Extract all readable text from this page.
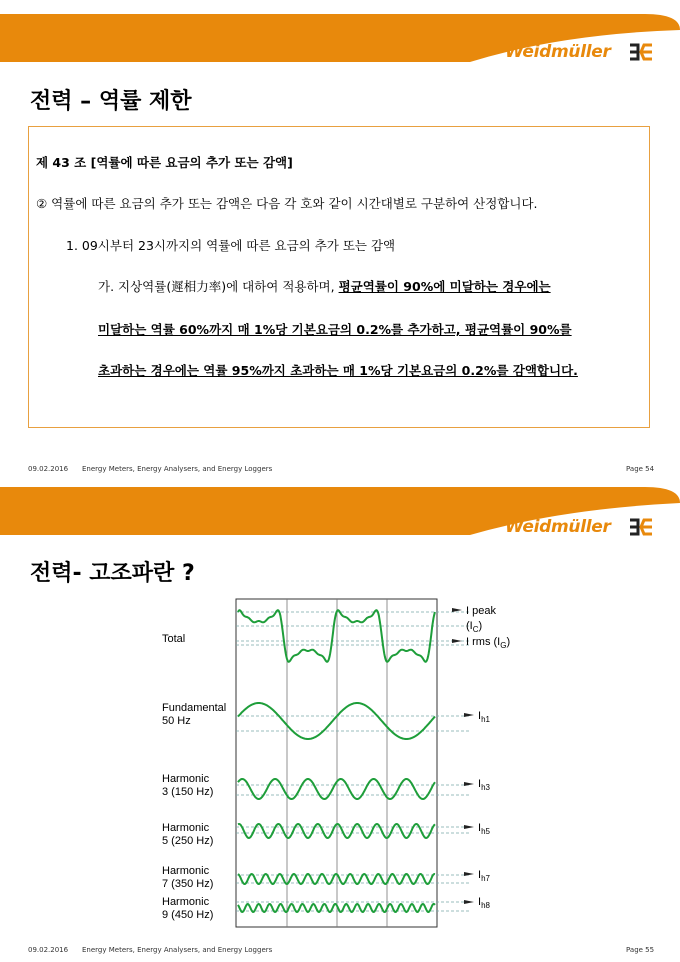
Weidmüller
전력 – 역률 제한
제 43 조 [역률에 따른 요금의 추가 또는 감액]
② 역률에 따른 요금의 추가 또는 감액은 다음 각 호와 같이 시간대별로 구분하여 산정합니다.
1. 09시부터 23시까지의 역률에 따른 요금의 추가 또는 감액
가. 지상역률(遲相力率)에 대하여 적용하며, 평균역률이 90%에 미달하는 경우에는
미달하는 역률 60%까지 매 1%당 기본요금의 0.2%를 추가하고, 평균역률이 90%를
초과하는 경우에는 역률 95%까지 초과하는 매 1%당 기본요금의 0.2%를 감액합니다.
09.02.2016 Energy Meters, Energy Analysers, and Energy Loggers	Page 54
Weidmüller
전력- 고조파란 ?
Total
Fundamental
50 Hz
Harmonic
3 (150 Hz)
Harmonic
5 (250 Hz)
Harmonic
7 (350 Hz)
Harmonic
9 (450 Hz)
I peak
$(I_C)$
I rms $(I_G)$
$I_{h1}$
$I_{h3}$
$I_{h5}$
$I_{h7}$
$I_{h8}$
09.02.2016 Energy Meters, Energy Analysers, and Energy Loggers	Page 55
